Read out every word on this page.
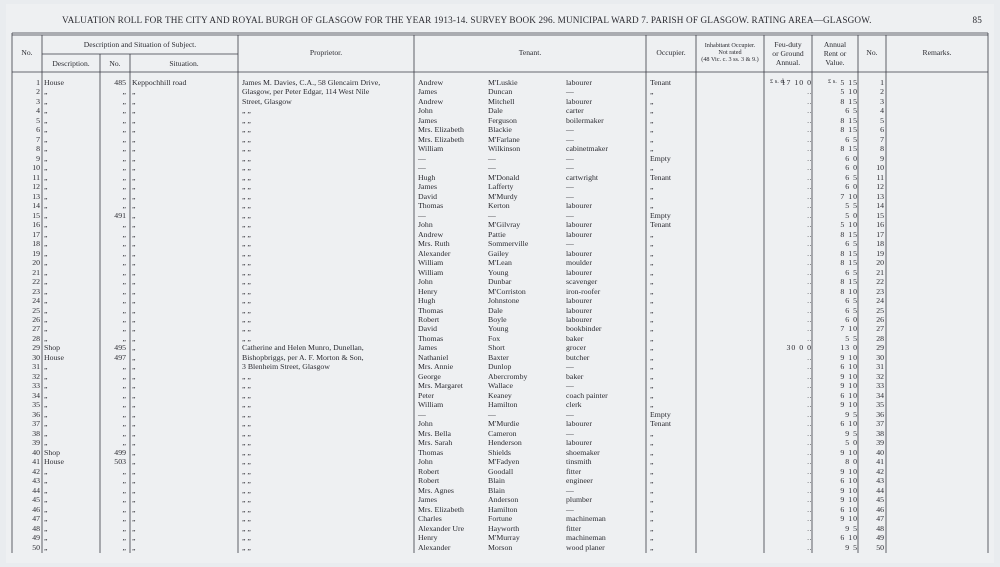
VALUATION ROLL FOR THE CITY AND ROYAL BURGH OF GLASGOW FOR THE YEAR 1913-14. SURVEY BOOK 296. MUNICIPAL WARD 7. PARISH OF GLASGOW. RATING AREA—GLASGOW.	85
No.
Description and Situation of Subject.
Description.	No.	Situation.
Proprietor.	Tenant.	Occupier.
Inhabitant Occupier.
Not rated
(48 Vic. c. 3 ss. 3 & 9.)
Feu-duty
or Ground
Annual.
Annual
Rent or
Value.
No.	Remarks.
£ s. d.	£ s.
1 House	485 Keppochhill road	James M. Davies, C.A., 58 Glencairn Drive,	Andrew	M'Luskie	labourer	Tenant	17 10 0	5 15	1
2 „	„ „	Glasgow, per Peter Edgar, 114 West Nile	James	Duncan	—	„	..	5 10	2
3 „	„ „	Street, Glasgow	Andrew	Mitchell	labourer	„	..	8 15	3
4 „	„ „	„ „	John	Dale	carter	„	..	6 5	4
5 „	„ „	„ „	James	Ferguson	boilermaker	„	..	8 15	5
6 „	„ „	„ „	Mrs. Elizabeth	Blackie	—	„	..	8 15	6
7 „	„ „	„ „	Mrs. Elizabeth	M'Farlane	—	„	..	6 5	7
8 „	„ „	„ „	William	Wilkinson	cabinetmaker	„	..	8 15	8
9 „	„ „	„ „	—	—	—	Empty	..	6 0	9
10 „	„ „	„ „	—	—	—	„	..	6 0	10
11 „	„ „	„ „	Hugh	M'Donald	cartwright	Tenant	..	6 5	11
12 „	„ „	„ „	James	Lafferty	—	„	..	6 0	12
13 „	„ „	„ „	David	M'Murdy	—	„	..	7 10	13
14 „	„ „	„ „	Thomas	Kerton	labourer	„	..	5 5	14
15 „	491 „	„ „	—	—	—	Empty	..	5 0	15
16 „	„ „	„ „	John	M'Gilvray	labourer	Tenant	..	5 10	16
17 „	„ „	„ „	Andrew	Pattie	labourer	„	..	8 15	17
18 „	„ „	„ „	Mrs. Ruth	Sommerville	—	„	..	6 5	18
19 „	„ „	„ „	Alexander	Gailey	labourer	„	..	8 15	19
20 „	„ „	„ „	William	M'Lean	moulder	„	..	8 15	20
21 „	„ „	„ „	William	Young	labourer	„	..	6 5	21
22 „	„ „	„ „	John	Dunbar	scavenger	„	..	8 15	22
23 „	„ „	„ „	Henry	M'Corriston	iron-roofer	„	..	8 10	23
24 „	„ „	„ „	Hugh	Johnstone	labourer	„	..	6 5	24
25 „	„ „	„ „	Thomas	Dale	labourer	„	..	6 5	25
26 „	„ „	„ „	Robert	Boyle	labourer	„	..	6 0	26
27 „	„ „	„ „	David	Young	bookbinder	„	..	7 10	27
28 „	„ „	„ „	Thomas	Fox	baker	„	..	5 5	28
29 Shop	495 „	Catherine and Helen Munro, Dunellan,	James	Short	grocer	„	30 0 0	13 0	29
30 House	497 „	Bishopbriggs, per A. F. Morton & Son,	Nathaniel	Baxter	butcher	„	..	9 10	30
31 „	„ „	3 Blenheim Street, Glasgow	Mrs. Annie	Dunlop	—	„	..	6 10	31
32 „	„ „	„ „	George	Abercromby	baker	„	..	9 10	32
33 „	„ „	„ „	Mrs. Margaret	Wallace	—	„	..	9 10	33
34 „	„ „	„ „	Peter	Keaney	coach painter	„	..	6 10	34
35 „	„ „	„ „	William	Hamilton	clerk	„	..	9 10	35
36 „	„ „	„ „	—	—	—	Empty	..	9 5	36
37 „	„ „	„ „	John	M'Murdie	labourer	Tenant	..	6 10	37
38 „	„ „	„ „	Mrs. Bella	Cameron	—	„	..	9 5	38
39 „	„ „	„ „	Mrs. Sarah	Henderson	labourer	„	..	5 0	39
40 Shop	499 „	„ „	Thomas	Shields	shoemaker	„	..	9 10	40
41 House	503 „	„ „	John	M'Fadyen	tinsmith	„	..	8 0	41
42 „	„ „	„ „	Robert	Goodall	fitter	„	..	9 10	42
43 „	„ „	„ „	Robert	Blain	engineer	„	..	6 10	43
44 „	„ „	„ „	Mrs. Agnes	Blain	—	„	..	9 10	44
45 „	„ „	„ „	James	Anderson	plumber	„	..	9 10	45
46 „	„ „	„ „	Mrs. Elizabeth	Hamilton	—	„	..	6 10	46
47 „	„ „	„ „	Charles	Fortune	machineman	„	..	9 10	47
48 „	„ „	„ „	Alexander Ure	Hayworth	fitter	„	..	9 5	48
49 „	„ „	„ „	Henry	M'Murray	machineman	„	..	6 10	49
50 „	„ „	„ „	Alexander	Morson	wood planer	„	..	9 5	50
